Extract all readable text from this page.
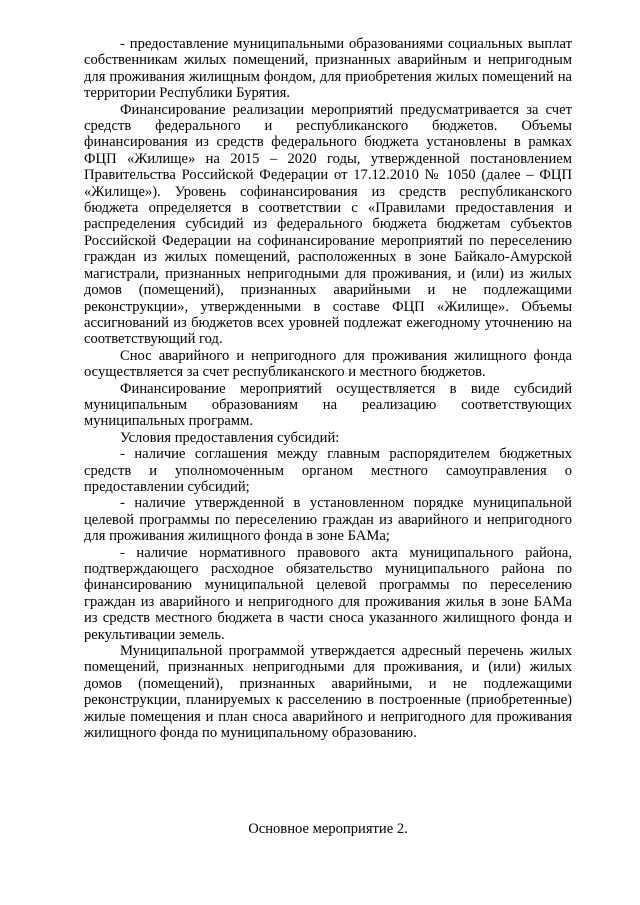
- предоставление муниципальными образованиями социальных выплат собственникам жилых помещений, признанных аварийным и непригодным для проживания жилищным фондом, для приобретения жилых помещений на территории Республики Бурятия.

Финансирование реализации мероприятий предусматривается за счет средств федерального и республиканского бюджетов. Объемы финансирования из средств федерального бюджета установлены в рамках ФЦП «Жилище» на 2015 – 2020 годы, утвержденной постановлением Правительства Российской Федерации от 17.12.2010 № 1050 (далее – ФЦП «Жилище»). Уровень софинансирования из средств республиканского бюджета определяется в соответствии с «Правилами предоставления и распределения субсидий из федерального бюджета бюджетам субъектов Российской Федерации на софинансирование мероприятий по переселению граждан из жилых помещений, расположенных в зоне Байкало-Амурской магистрали, признанных непригодными для проживания, и (или) из жилых домов (помещений), признанных аварийными и не подлежащими реконструкции», утвержденными в составе ФЦП «Жилище». Объемы ассигнований из бюджетов всех уровней подлежат ежегодному уточнению на соответствующий год.

Снос аварийного и непригодного для проживания жилищного фонда осуществляется за счет республиканского и местного бюджетов.

Финансирование мероприятий осуществляется в виде субсидий муниципальным образованиям на реализацию соответствующих муниципальных программ.

Условия предоставления субсидий:

- наличие соглашения между главным распорядителем бюджетных средств и уполномоченным органом местного самоуправления о предоставлении субсидий;

- наличие утвержденной в установленном порядке муниципальной целевой программы по переселению граждан из аварийного и непригодного для проживания жилищного фонда в зоне БАМа;

- наличие нормативного правового акта муниципального района, подтверждающего расходное обязательство муниципального района по финансированию муниципальной целевой программы по переселению граждан из аварийного и непригодного для проживания жилья в зоне БАМа из средств местного бюджета в части сноса указанного жилищного фонда и рекультивации земель.

Муниципальной программой утверждается адресный перечень жилых помещений, признанных непригодными для проживания, и (или) жилых домов (помещений), признанных аварийными, и не подлежащими реконструкции, планируемых к расселению в построенные (приобретенные) жилые помещения и план сноса аварийного и непригодного для проживания жилищного фонда по муниципальному образованию.

Основное мероприятие 2.
